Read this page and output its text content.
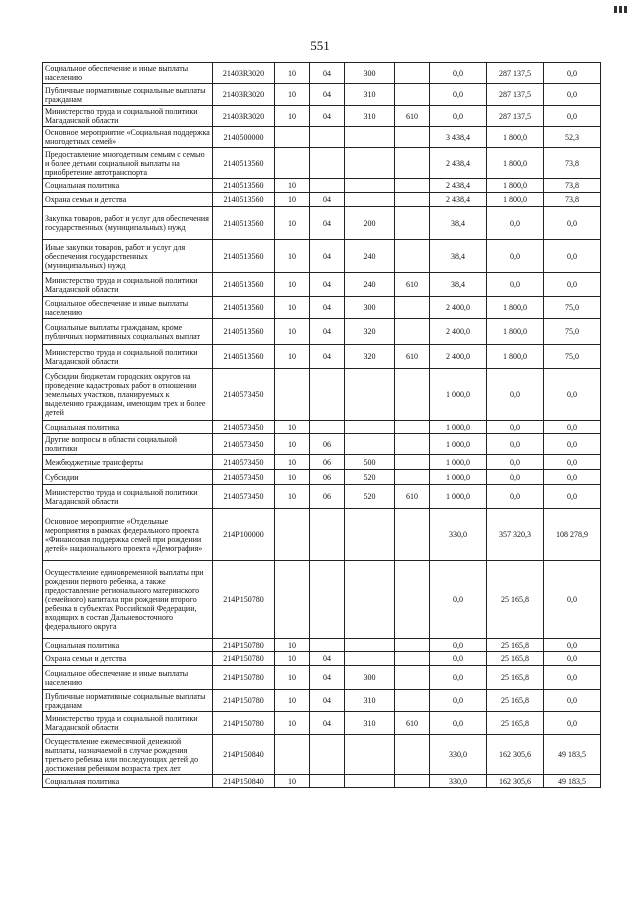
551
Социальное обеспечение и иные выплаты населению	21403R3020	10	04	300		0,0	287 137,5	0,0
Публичные нормативные социальные выплаты гражданам	21403R3020	10	04	310		0,0	287 137,5	0,0
Министерство труда и социальной политики Магаданской области	21403R3020	10	04	310	610	0,0	287 137,5	0,0
Основное мероприятие «Социальная поддержка многодетных семей»	2140500000					3 438,4	1 800,0	52,3
Предоставление многодетным семьям с семью и более детьми социальной выплаты на приобретение автотранспорта	2140513560					2 438,4	1 800,0	73,8
Социальная политика	2140513560	10				2 438,4	1 800,0	73,8
Охрана семьи и детства	2140513560	10	04			2 438,4	1 800,0	73,8
Закупка товаров, работ и услуг для обеспечения государственных (муниципальных) нужд	2140513560	10	04	200		38,4	0,0	0,0
Иные закупки товаров, работ и услуг для обеспечения государственных (муниципальных) нужд	2140513560	10	04	240		38,4	0,0	0,0
Министерство труда и социальной политики Магаданской области	2140513560	10	04	240	610	38,4	0,0	0,0
Социальное обеспечение и иные выплаты населению	2140513560	10	04	300		2 400,0	1 800,0	75,0
Социальные выплаты гражданам, кроме публичных нормативных социальных выплат	2140513560	10	04	320		2 400,0	1 800,0	75,0
Министерство труда и социальной политики Магаданской области	2140513560	10	04	320	610	2 400,0	1 800,0	75,0
Субсидии бюджетам городских округов на проведение кадастровых работ в отношении земельных участков, планируемых к выделению гражданам, имеющим трех и более детей	2140573450					1 000,0	0,0	0,0
Социальная политика	2140573450	10				1 000,0	0,0	0,0
Другие вопросы в области социальной политики	2140573450	10	06			1 000,0	0,0	0,0
Межбюджетные трансферты	2140573450	10	06	500		1 000,0	0,0	0,0
Субсидии	2140573450	10	06	520		1 000,0	0,0	0,0
Министерство труда и социальной политики Магаданской области	2140573450	10	06	520	610	1 000,0	0,0	0,0
Основное мероприятие «Отдельные мероприятия в рамках федерального проекта «Финансовая поддержка семей при рождении детей» национального проекта «Демография»	214P100000					330,0	357 320,3	108 278,9
Осуществление единовременной выплаты при рождении первого ребенка, а также предоставление регионального материнского (семейного) капитала при рождении второго ребенка в субъектах Российской Федерации, входящих в состав Дальневосточного федерального округа	214P150780					0,0	25 165,8	0,0
Социальная политика	214P150780	10				0,0	25 165,8	0,0
Охрана семьи и детства	214P150780	10	04			0,0	25 165,8	0,0
Социальное обеспечение и иные выплаты населению	214P150780	10	04	300		0,0	25 165,8	0,0
Публичные нормативные социальные выплаты гражданам	214P150780	10	04	310		0,0	25 165,8	0,0
Министерство труда и социальной политики Магаданской области	214P150780	10	04	310	610	0,0	25 165,8	0,0
Осуществление ежемесячной денежной выплаты, назначаемой в случае рождения третьего ребенка или последующих детей до достижения ребенком возраста трех лет	214P150840					330,0	162 305,6	49 183,5
Социальная политика	214P150840	10				330,0	162 305,6	49 183,5
